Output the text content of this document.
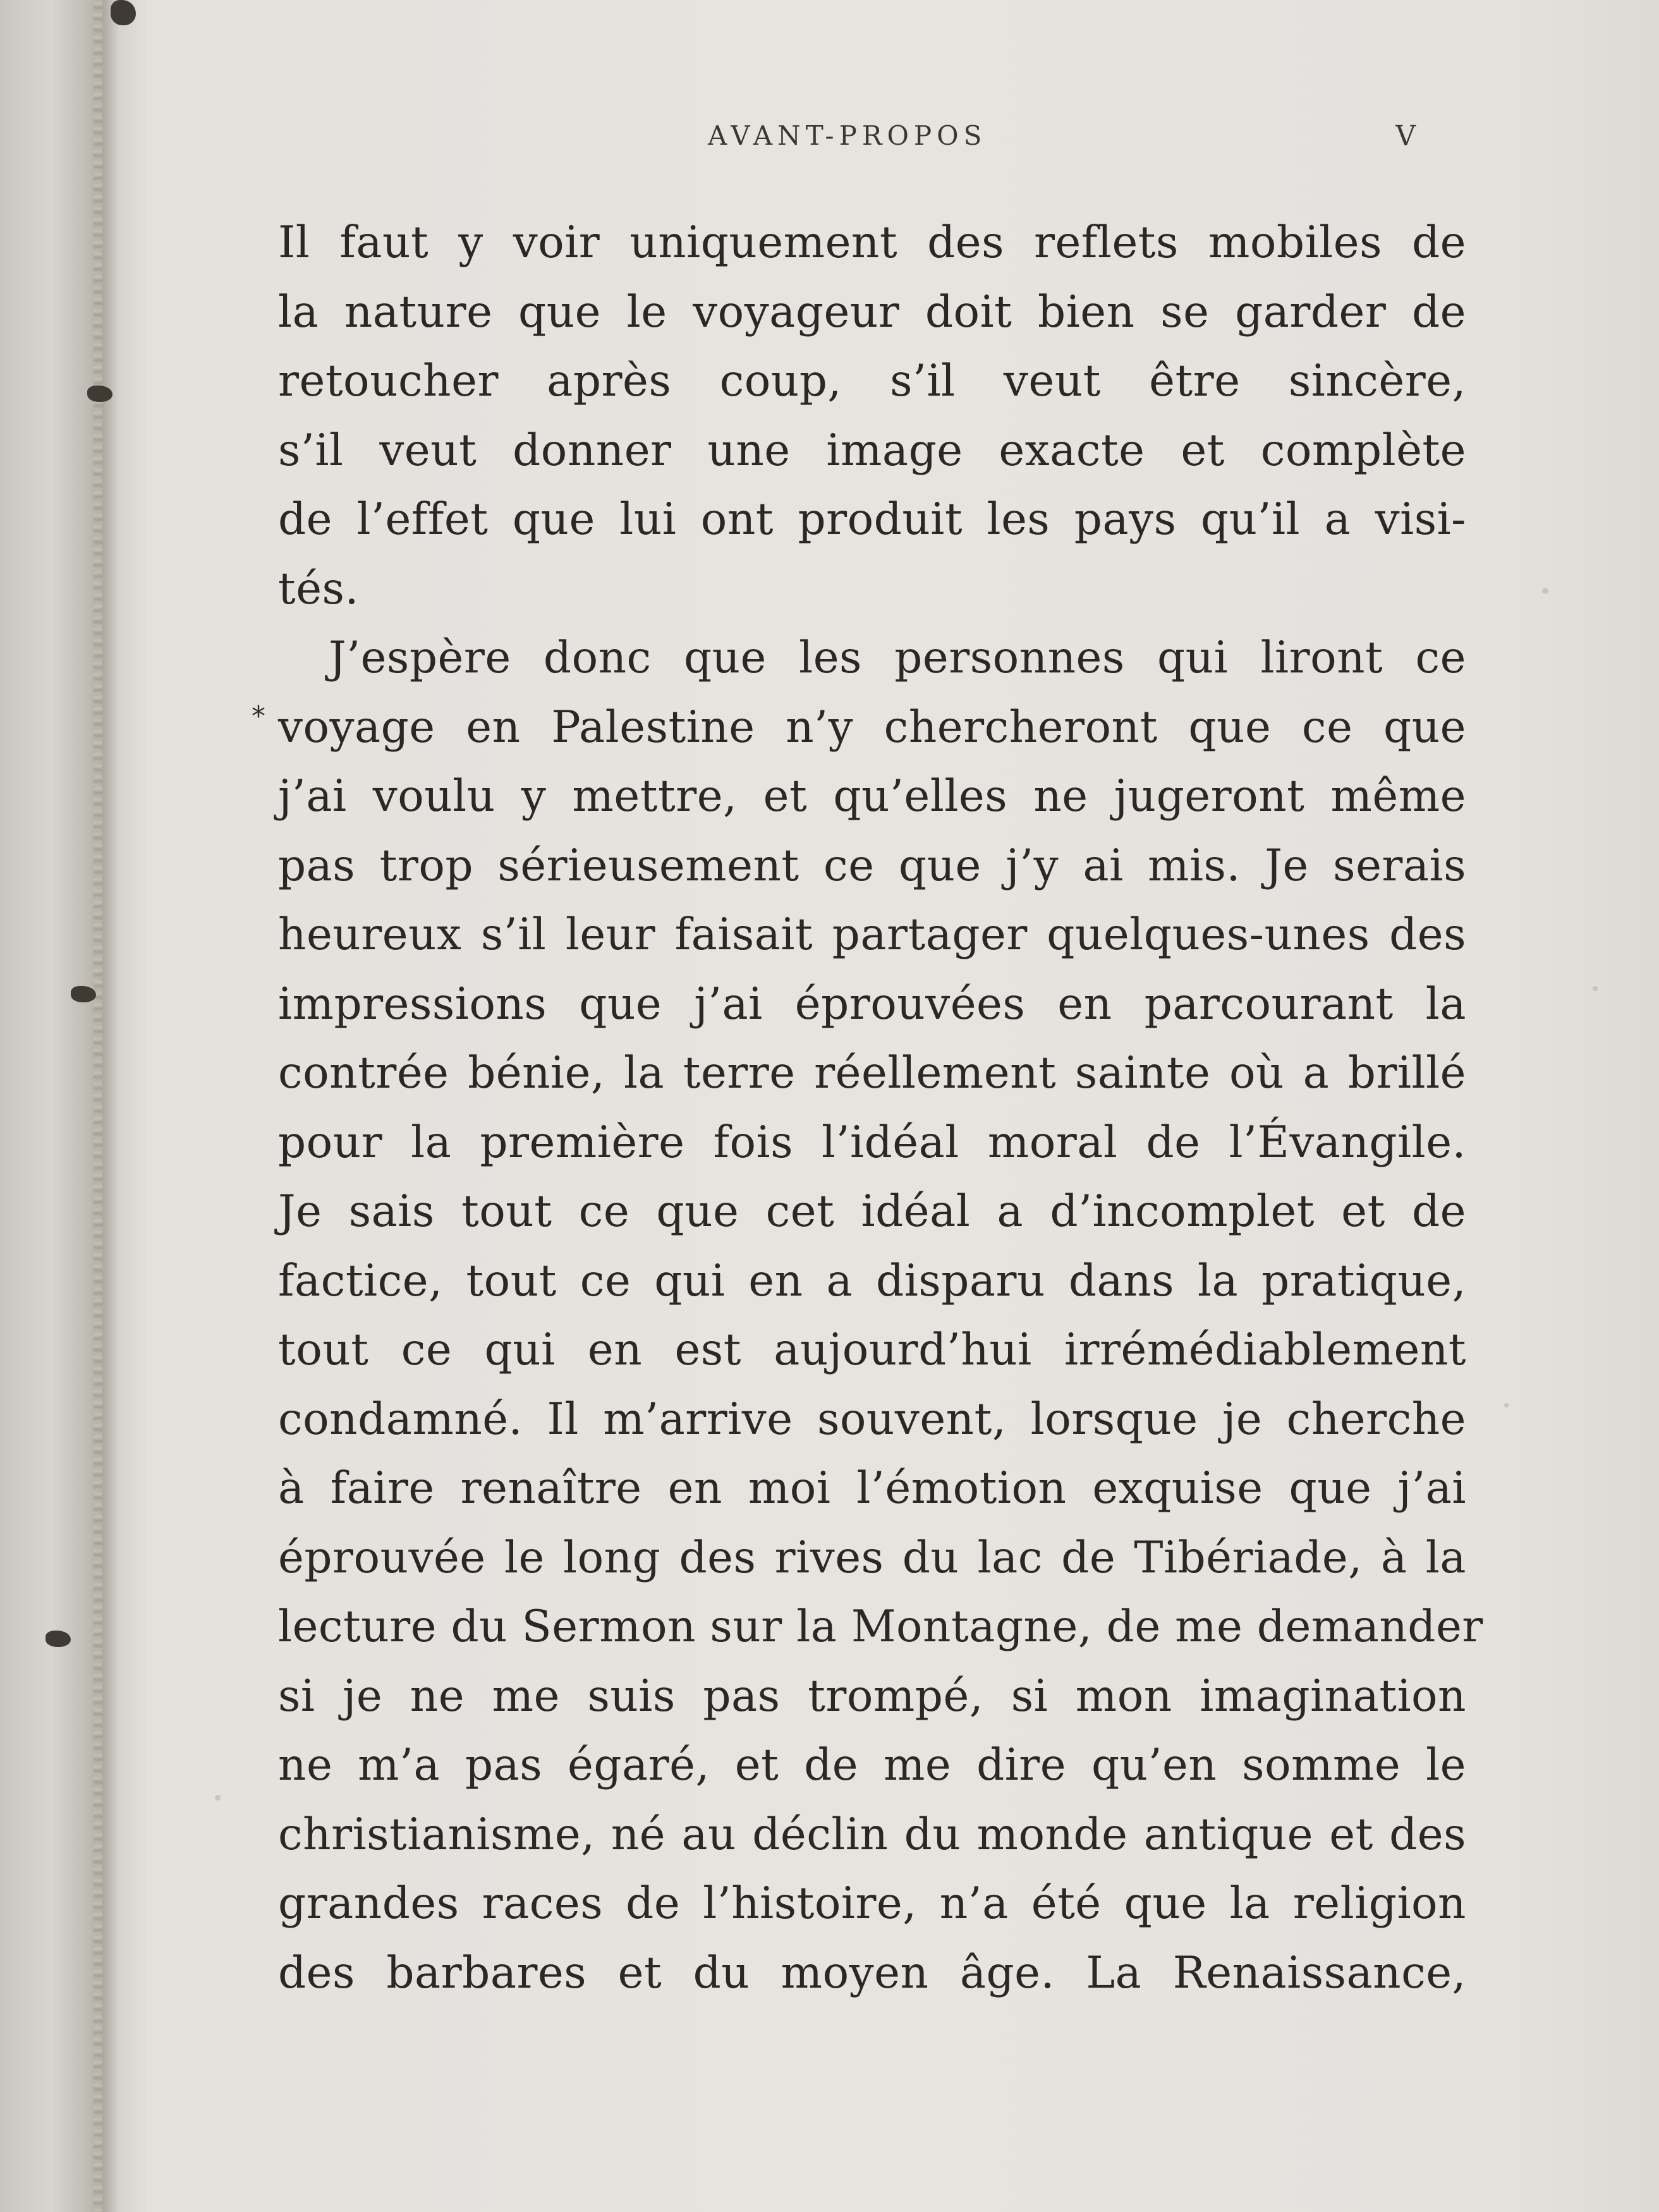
AVANT-PROPOS	V
*
Il faut y voir uniquement des reflets mobiles de
la nature que le voyageur doit bien se garder de
retoucher après coup, s’il veut être sincère,
s’il veut donner une image exacte et complète
de l’effet que lui ont produit les pays qu’il a visi-
tés.
J’espère donc que les personnes qui liront ce
voyage en Palestine n’y chercheront que ce que
j’ai voulu y mettre, et qu’elles ne jugeront même
pas trop sérieusement ce que j’y ai mis. Je serais
heureux s’il leur faisait partager quelques-unes des
impressions que j’ai éprouvées en parcourant la
contrée bénie, la terre réellement sainte où a brillé
pour la première fois l’idéal moral de l’Évangile.
Je sais tout ce que cet idéal a d’incomplet et de
factice, tout ce qui en a disparu dans la pratique,
tout ce qui en est aujourd’hui irrémédiablement
condamné. Il m’arrive souvent, lorsque je cherche
à faire renaître en moi l’émotion exquise que j’ai
éprouvée le long des rives du lac de Tibériade, à la
lecture du Sermon sur la Montagne, de me demander
si je ne me suis pas trompé, si mon imagination
ne m’a pas égaré, et de me dire qu’en somme le
christianisme, né au déclin du monde antique et des
grandes races de l’histoire, n’a été que la religion
des barbares et du moyen âge. La Renaissance,
